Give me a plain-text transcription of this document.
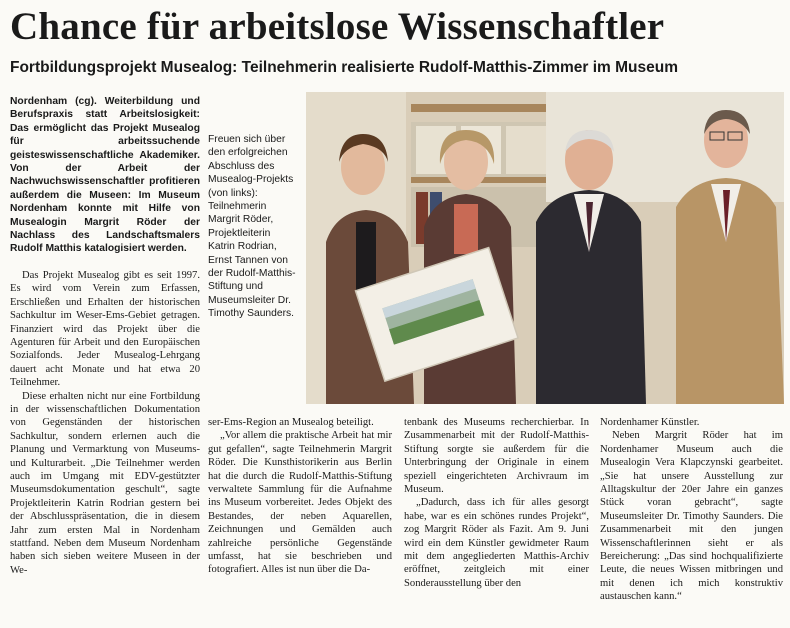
Chance für arbeitslose Wissenschaftler
Fortbildungsprojekt Musealog: Teilnehmerin realisierte Rudolf-Matthis-Zimmer im Museum

Nordenham (cg). Weiterbildung und Berufspraxis statt Arbeitslosigkeit: Das ermöglicht das Projekt Musealog für arbeitssuchende geisteswissenschaftliche Akademiker. Von der Arbeit der Nachwuchswissenschaftler profitieren außerdem die Museen: Im Museum Nordenham konnte mit Hilfe von Musealogin Margrit Röder der Nachlass des Landschaftsmalers Rudolf Matthis katalogisiert werden.

Das Projekt Musealog gibt es seit 1997. Es wird vom Verein zum Erfassen, Erschließen und Erhalten der historischen Sachkultur im Weser-Ems-Gebiet getragen. Finanziert wird das Projekt über die Agenturen für Arbeit und den Europäischen Sozialfonds. Jeder Musealog-Lehrgang dauert acht Monate und hat etwa 20 Teilnehmer.

Diese erhalten nicht nur eine Fortbildung in der wissenschaftlichen Dokumentation von Gegenständen der historischen Sachkultur, sondern erlernen auch die Planung und Vermarktung von Museums- und Kulturarbeit. „Die Teilnehmer werden auch im Umgang mit EDV-gestützter Museumsdokumentation geschult“, sagte Projektleiterin Katrin Rodrian gestern bei der Abschlusspräsentation, die in diesem Jahr zum ersten Mal in Nordenham stattfand. Neben dem Museum Nordenham haben sich sieben weitere Museen in der We-

Freuen sich über den erfolgreichen Abschluss des Musealog-Projekts (von links): Teilnehmerin Margrit Röder, Projektleiterin Katrin Rodrian, Ernst Tannen von der Rudolf-Matthis-Stiftung und Museumsleiter Dr. Timothy Saunders.

ser-Ems-Region an Musealog beteiligt.

„Vor allem die praktische Arbeit hat mir gut gefallen“, sagte Teilnehmerin Margrit Röder. Die Kunsthistorikerin aus Berlin hat die durch die Rudolf-Matthis-Stiftung verwaltete Sammlung für die Aufnahme ins Museum vorbereitet. Jedes Objekt des Bestandes, der neben Aquarellen, Zeichnungen und Gemälden auch zahlreiche persönliche Gegenstände umfasst, hat sie beschrieben und fotografiert. Alles ist nun über die Da-

tenbank des Museums recherchierbar. In Zusammenarbeit mit der Rudolf-Matthis-Stiftung sorgte sie außerdem für die Unterbringung der Originale in einem speziell eingerichteten Archivraum im Museum.

„Dadurch, dass ich für alles gesorgt habe, war es ein schönes rundes Projekt“, zog Margrit Röder als Fazit. Am 9. Juni wird ein dem Künstler gewidmeter Raum mit dem angegliederten Matthis-Archiv eröffnet, zeitgleich mit einer Sonderausstellung über den

Nordenhamer Künstler.

Neben Margrit Röder hat im Nordenhamer Museum auch die Musealogin Vera Klapczynski gearbeitet. „Sie hat unsere Ausstellung zur Alltagskultur der 20er Jahre ein ganzes Stück voran gebracht“, sagte Museumsleiter Dr. Timothy Saunders. Die Zusammenarbeit mit den jungen Wissenschaftlerinnen sieht er als Bereicherung: „Das sind hochqualifizierte Leute, die neues Wissen mitbringen und mit denen ich mich konstruktiv austauschen kann.“
